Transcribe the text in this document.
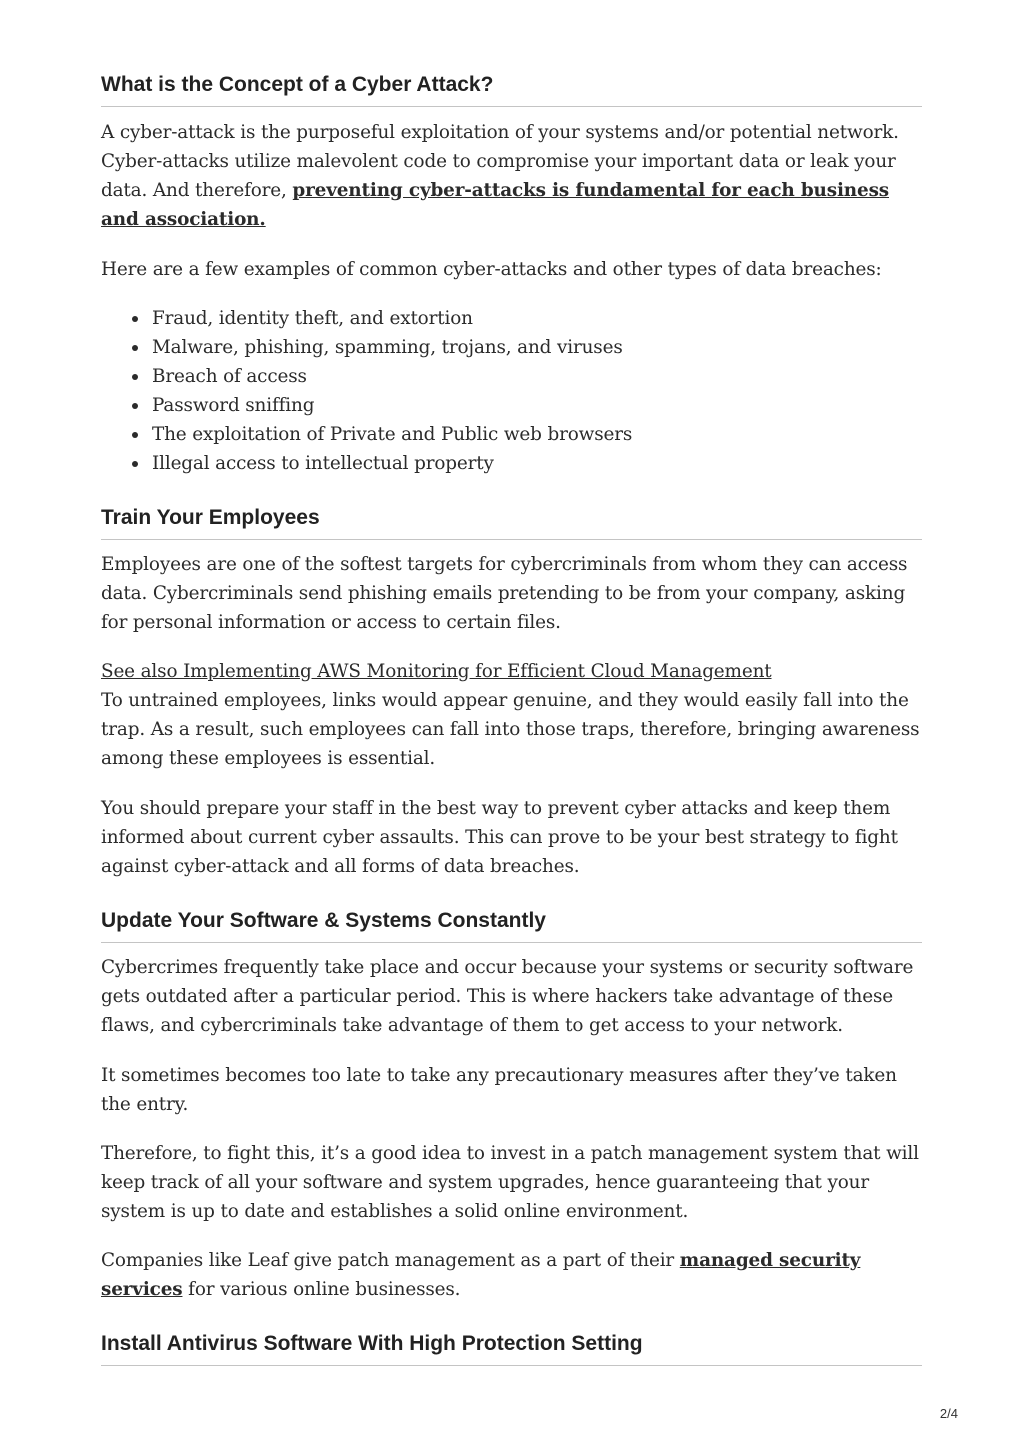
What is the Concept of a Cyber Attack?

A cyber-attack is the purposeful exploitation of your systems and/or potential network. Cyber-attacks utilize malevolent code to compromise your important data or leak your data. And therefore, preventing cyber-attacks is fundamental for each business and association.

Here are a few examples of common cyber-attacks and other types of data breaches:

Fraud, identity theft, and extortion
Malware, phishing, spamming, trojans, and viruses
Breach of access
Password sniffing
The exploitation of Private and Public web browsers
Illegal access to intellectual property
Train Your Employees

Employees are one of the softest targets for cybercriminals from whom they can access data. Cybercriminals send phishing emails pretending to be from your company, asking for personal information or access to certain files.

See also Implementing AWS Monitoring for Efficient Cloud Management
To untrained employees, links would appear genuine, and they would easily fall into the trap. As a result, such employees can fall into those traps, therefore, bringing awareness among these employees is essential.

You should prepare your staff in the best way to prevent cyber attacks and keep them informed about current cyber assaults. This can prove to be your best strategy to fight against cyber-attack and all forms of data breaches.

Update Your Software & Systems Constantly

Cybercrimes frequently take place and occur because your systems or security software gets outdated after a particular period. This is where hackers take advantage of these flaws, and cybercriminals take advantage of them to get access to your network.

It sometimes becomes too late to take any precautionary measures after they’ve taken the entry.

Therefore, to fight this, it’s a good idea to invest in a patch management system that will keep track of all your software and system upgrades, hence guaranteeing that your system is up to date and establishes a solid online environment.

Companies like Leaf give patch management as a part of their managed security services for various online businesses.

Install Antivirus Software With High Protection Setting
2/4
